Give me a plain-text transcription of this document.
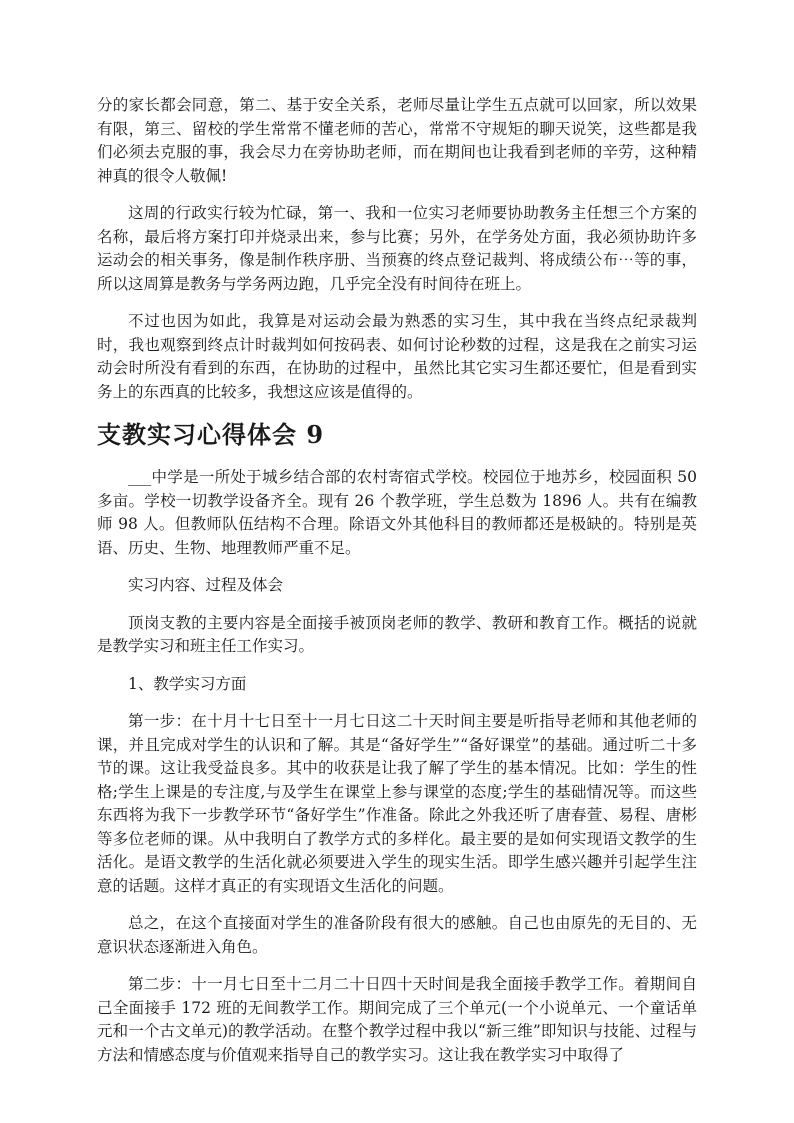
分的家长都会同意，第二、基于安全关系，老师尽量让学生五点就可以回家，所以效果有限，第三、留校的学生常常不懂老师的苦心，常常不守规矩的聊天说笑，这些都是我们必须去克服的事，我会尽力在旁协助老师，而在期间也让我看到老师的辛劳，这种精神真的很令人敬佩!

这周的行政实行较为忙碌，第一、我和一位实习老师要协助教务主任想三个方案的名称，最后将方案打印并烧录出来，参与比赛；另外，在学务处方面，我必须协助许多运动会的相关事务，像是制作秩序册、当预赛的终点登记裁判、将成绩公布⋯等的事，所以这周算是教务与学务两边跑，几乎完全没有时间待在班上。

不过也因为如此，我算是对运动会最为熟悉的实习生，其中我在当终点纪录裁判时，我也观察到终点计时裁判如何按码表、如何讨论秒数的过程，这是我在之前实习运动会时所没有看到的东西，在协助的过程中，虽然比其它实习生都还要忙，但是看到实务上的东西真的比较多，我想这应该是值得的。

支教实习心得体会 9

___中学是一所处于城乡结合部的农村寄宿式学校。校园位于地苏乡，校园面积 50 多亩。学校一切教学设备齐全。现有 26 个教学班，学生总数为 1896 人。共有在编教师 98 人。但教师队伍结构不合理。除语文外其他科目的教师都还是极缺的。特别是英语、历史、生物、地理教师严重不足。

实习内容、过程及体会

顶岗支教的主要内容是全面接手被顶岗老师的教学、教研和教育工作。概括的说就是教学实习和班主任工作实习。

1、教学实习方面

第一步：在十月十七日至十一月七日这二十天时间主要是听指导老师和其他老师的课，并且完成对学生的认识和了解。其是“备好学生”“备好课堂”的基础。通过听二十多节的课。这让我受益良多。其中的收获是让我了解了学生的基本情况。比如：学生的性格;学生上课是的专注度,与及学生在课堂上参与课堂的态度;学生的基础情况等。而这些东西将为我下一步教学环节“备好学生”作准备。除此之外我还听了唐春萱、易程、唐彬等多位老师的课。从中我明白了教学方式的多样化。最主要的是如何实现语文教学的生活化。是语文教学的生活化就必须要进入学生的现实生活。即学生感兴趣并引起学生注意的话题。这样才真正的有实现语文生活化的问题。

总之，在这个直接面对学生的准备阶段有很大的感触。自己也由原先的无目的、无意识状态逐渐进入角色。

第二步：十一月七日至十二月二十日四十天时间是我全面接手教学工作。着期间自己全面接手 172 班的无间教学工作。期间完成了三个单元(一个小说单元、一个童话单元和一个古文单元)的教学活动。在整个教学过程中我以“新三维”即知识与技能、过程与方法和情感态度与价值观来指导自己的教学实习。这让我在教学实习中取得了
